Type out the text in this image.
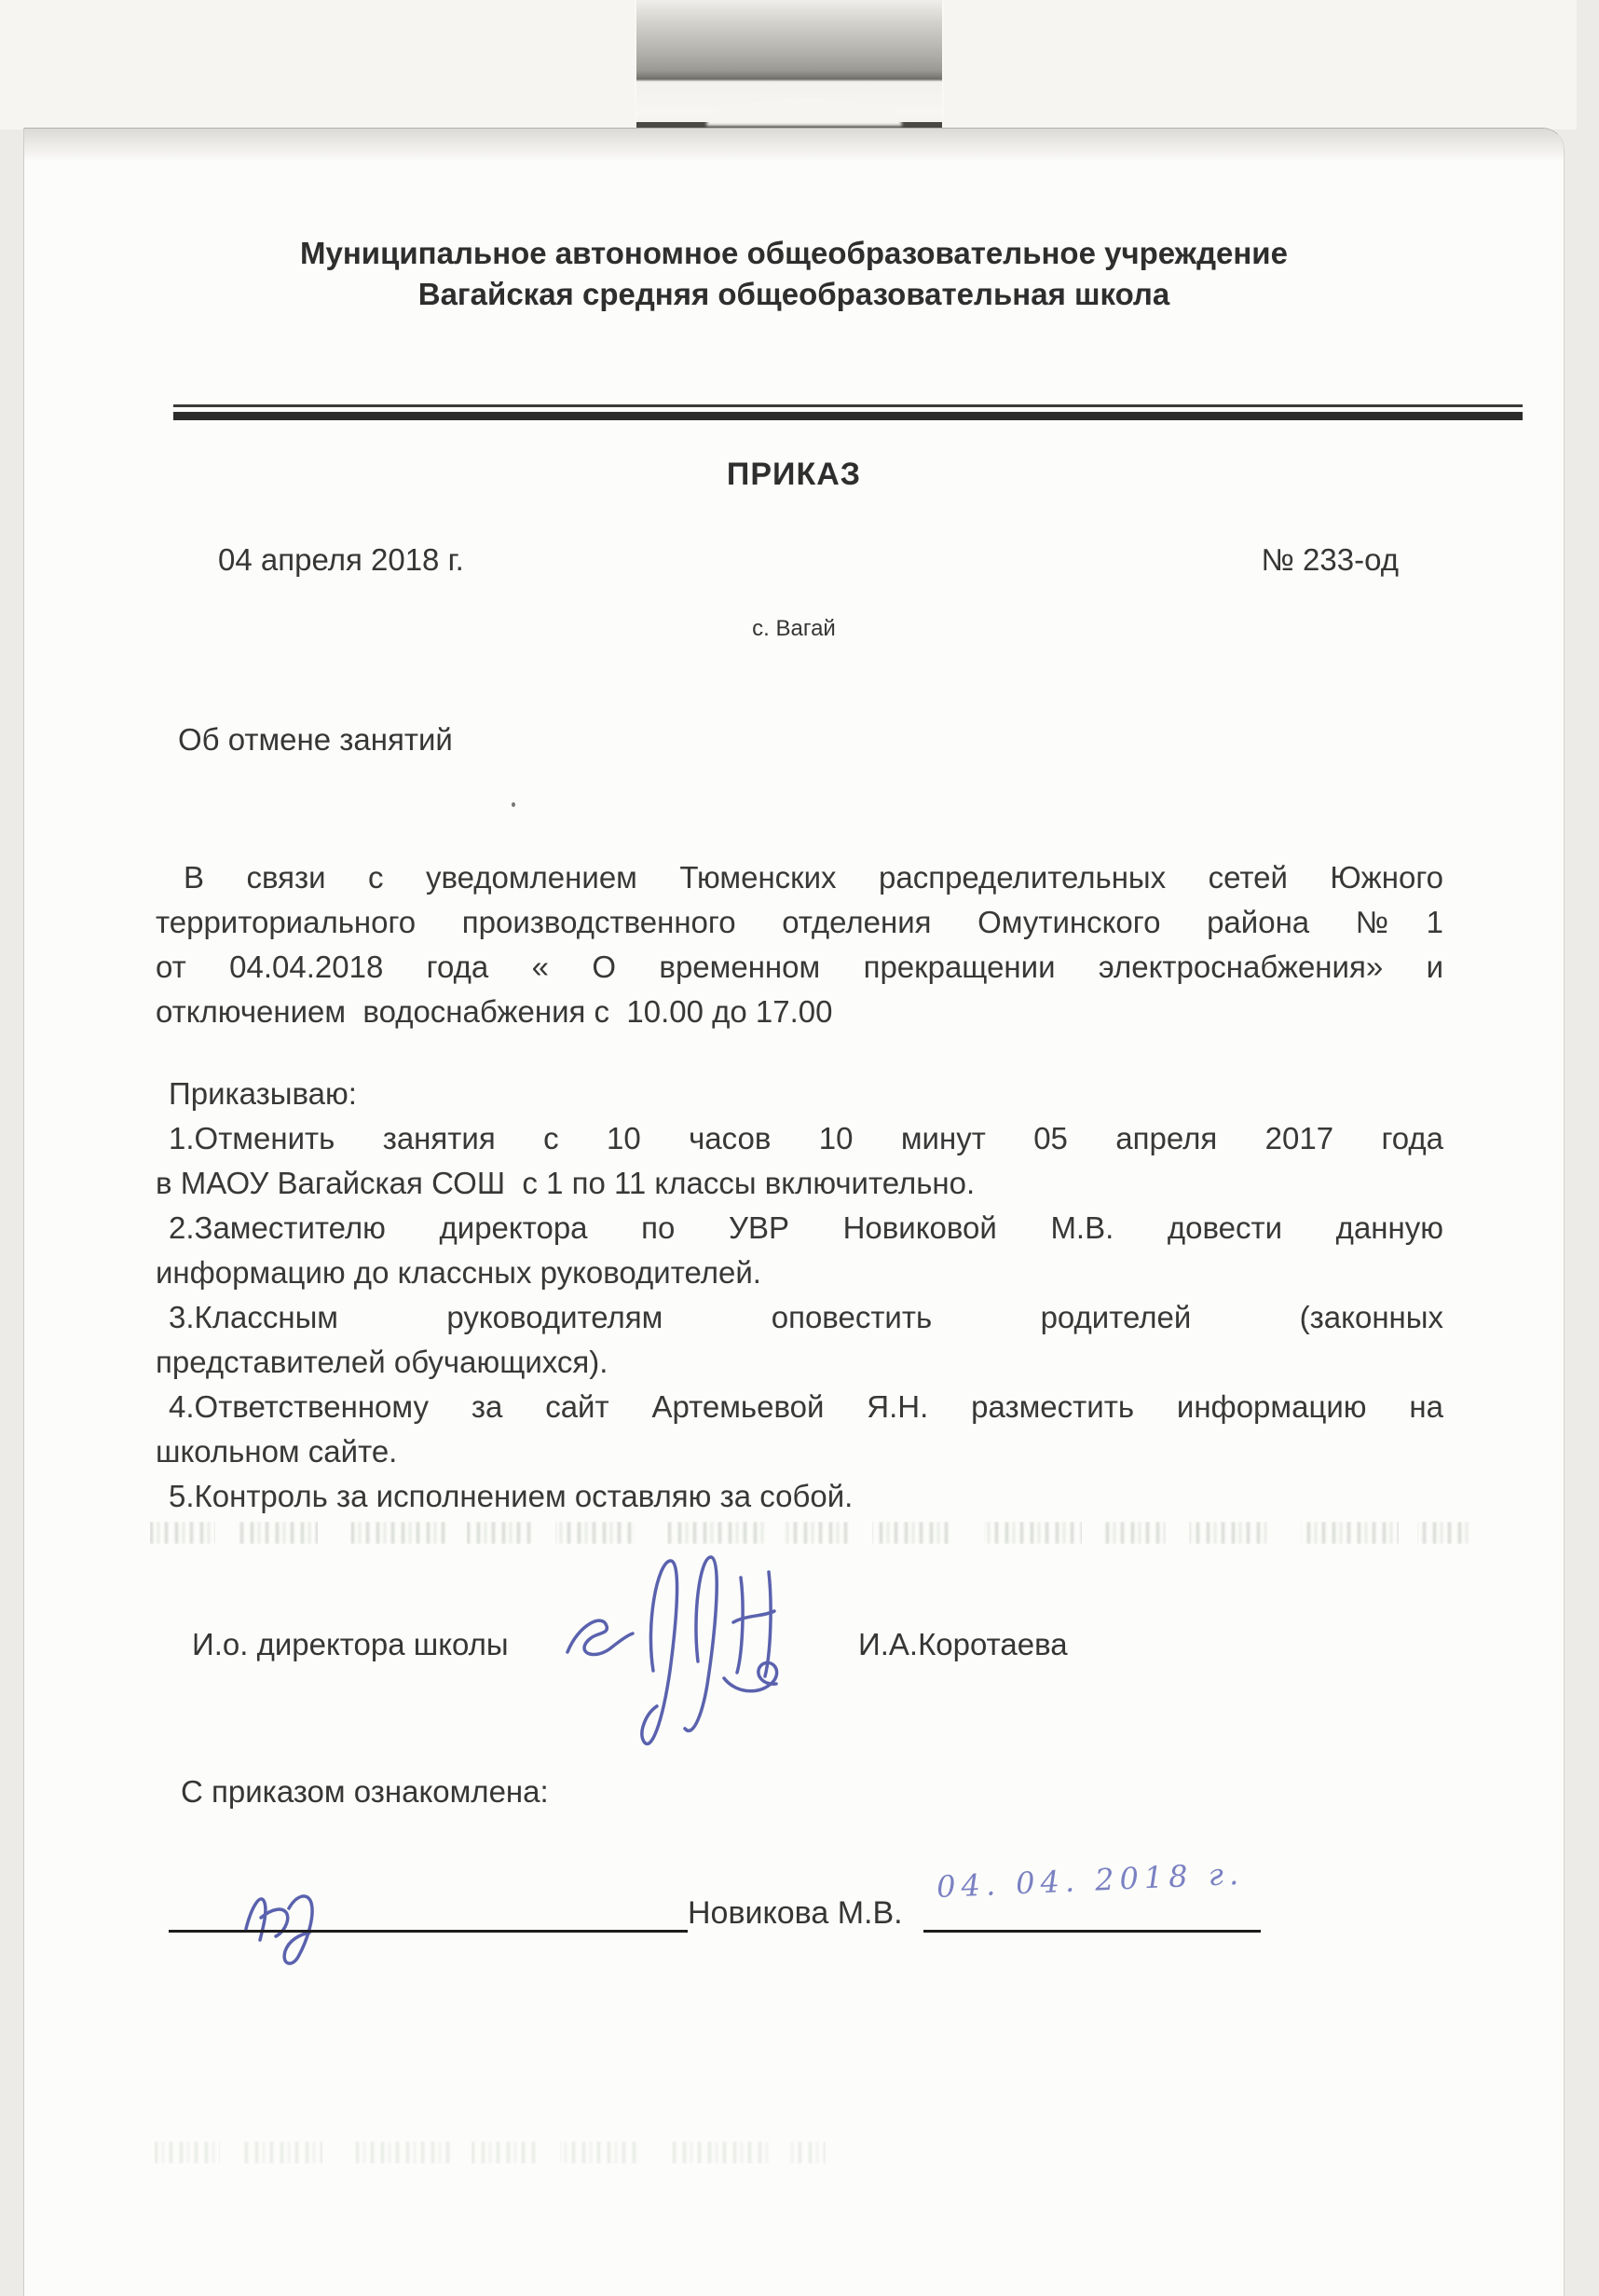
Муниципальное автономное общеобразовательное учреждение
Вагайская средняя общеобразовательная школа
ПРИКАЗ
04 апреля 2018 г.	№ 233-од
с. Вагай
Об отмене занятий
В связи с уведомлением Тюменских распределительных сетей Южного
территориального производственного отделения Омутинского района №1
от 04.04.2018 года « О временном прекращении электроснабжения» и
отключением  водоснабжения с  10.00 до 17.00
Приказываю:
1.Отменить занятия с 10 часов 10 минут 05 апреля 2017 года
в МАОУ Вагайская СОШ  с 1 по 11 классы включительно.
2.Заместителю директора по УВР Новиковой М.В. довести данную
информацию до классных руководителей.
3.Классным руководителям оповестить родителей (законных
представителей обучающихся).
4.Ответственному за сайт Артемьевой Я.Н. разместить информацию на
школьном сайте.
5.Контроль за исполнением оставляю за собой.
И.о. директора школы	И.А.Коротаева
С приказом ознакомлена:
Новикова М.В.
04. 04. 2018 г.
